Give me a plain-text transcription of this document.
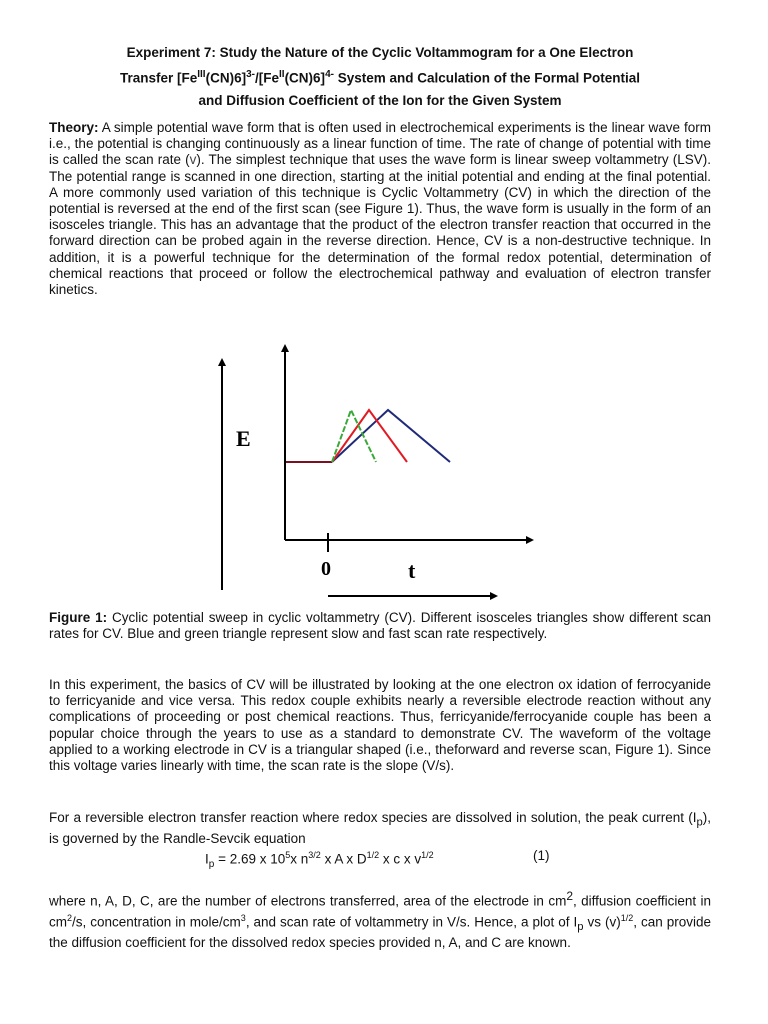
Experiment 7: Study the Nature of the Cyclic Voltammogram for a One Electron
Transfer $[Fe^{III}(CN)6]^{3-}/[Fe^{II}(CN)6]^{4-}$ System and Calculation of the Formal Potential
and Diffusion Coefficient of the Ion for the Given System
Theory: A simple potential wave form that is often used in electrochemical experiments is the linear wave form i.e., the potential is changing continuously as a linear function of time. The rate of change of potential with time is called the scan rate (v). The simplest technique that uses the wave form is linear sweep voltammetry (LSV). The potential range is scanned in one direction, starting at the initial potential and ending at the final potential. A more commonly used variation of this technique is Cyclic Voltammetry (CV) in which the direction of the potential is reversed at the end of the first scan (see Figure 1). Thus, the wave form is usually in the form of an isosceles triangle. This has an advantage that the product of the electron transfer reaction that occurred in the forward direction can be probed again in the reverse direction. Hence, CV is a non-destructive technique. In addition, it is a powerful technique for the determination of the formal redox potential, determination of chemical reactions that proceed or follow the electrochemical pathway and evaluation of electron transfer kinetics.
E
0	t
Figure 1: Cyclic potential sweep in cyclic voltammetry (CV). Different isosceles triangles show different scan rates for CV. Blue and green triangle represent slow and fast scan rate respectively.
In this experiment, the basics of CV will be illustrated by looking at the one electron ox idation of ferrocyanide to ferricyanide and vice versa. This redox couple exhibits nearly a reversible electrode reaction without any complications of proceeding or post chemical reactions. Thus, ferricyanide/ferrocyanide couple has been a popular choice through the years to use as a standard to demonstrate CV. The waveform of the voltage applied to a working electrode in CV is a triangular shaped (i.e., theforward and reverse scan, Figure 1). Since this voltage varies linearly with time, the scan rate is the slope (V/s).
For a reversible electron transfer reaction where redox species are dissolved in solution, the peak current $(I_p)$, is governed by the Randle-Sevcik equation
$I_p = 2.69$ x $10^5x$ $n^{3/2}$ x A x $D^{1/2}$ x c x $v^{1/2}$	(1)
where n, A, D, C, are the number of electrons transferred, area of the electrode in $cm^2$, diffusion coefficient in $cm^2/s$, concentration in mole/$cm^3$, and scan rate of voltammetry in V/s. Hence, a plot of $I_p$ vs $(v)^{1/2}$, can provide the diffusion coefficient for the dissolved redox species provided n, A, and C are known.
